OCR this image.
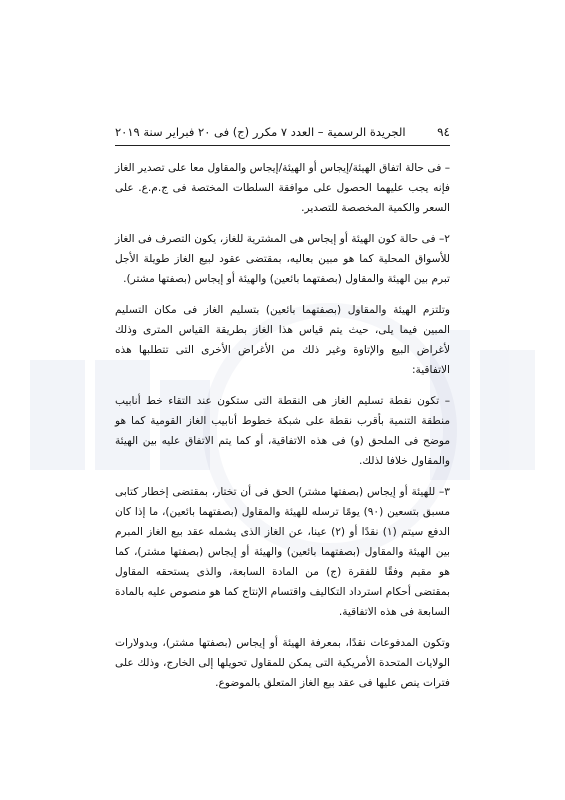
٩٤
الجريدة الرسمية – العدد ٧ مكرر (ج) فى ٢٠ فبراير سنة ٢٠١٩

– فى حالة اتفاق الهيئة/إيجاس أو الهيئة/إيجاس والمقاول معا على تصدير الغاز فإنه يجب عليهما الحصول على موافقة السلطات المختصة فى ج.م.ع. على السعر والكمية المخصصة للتصدير.

٢– فى حالة كون الهيئة أو إيجاس هى المشترية للغاز، يكون التصرف فى الغاز للأسواق المحلية كما هو مبين بعاليه، بمقتضى عقود لبيع الغاز طويلة الأجل تبرم بين الهيئة والمقاول (بصفتهما بائعين) والهيئة أو إيجاس (بصفتها مشتر).

وتلتزم الهيئة والمقاول (بصفتهما بائعين) بتسليم الغاز فى مكان التسليم المبين فيما يلى، حيث يتم قياس هذا الغاز بطريقة القياس المترى وذلك لأغراض البيع والإتاوة وغير ذلك من الأغراض الأخرى التى تتطلبها هذه الاتفاقية:

– تكون نقطة تسليم الغاز هى النقطة التى ستكون عند التقاء خط أنابيب منطقة التنمية بأقرب نقطة على شبكة خطوط أنابيب الغاز القومية كما هو موضح فى الملحق (و) فى هذه الاتفاقية، أو كما يتم الاتفاق عليه بين الهيئة والمقاول خلافا لذلك.

٣– للهيئة أو إيجاس (بصفتها مشتر) الحق فى أن تختار، بمقتضى إخطار كتابى مسبق بتسعين (٩٠) يومًا ترسله للهيئة والمقاول (بصفتهما بائعين)، ما إذا كان الدفع سيتم (١) نقدًا أو (٢) عينا، عن الغاز الذى يشمله عقد بيع الغاز المبرم بين الهيئة والمقاول (بصفتهما بائعين) والهيئة أو إيجاس (بصفتها مشتر)، كما هو مقيم وفقًا للفقرة (ج) من المادة السابعة، والذى يستحقه المقاول بمقتضى أحكام استرداد التكاليف واقتسام الإنتاج كما هو منصوص عليه بالمادة السابعة فى هذه الاتفاقية.

وتكون المدفوعات نقدًا، بمعرفة الهيئة أو إيجاس (بصفتها مشتر)، وبدولارات الولايات المتحدة الأمريكية التى يمكن للمقاول تحويلها إلى الخارج، وذلك على فترات ينص عليها فى عقد بيع الغاز المتعلق بالموضوع.
